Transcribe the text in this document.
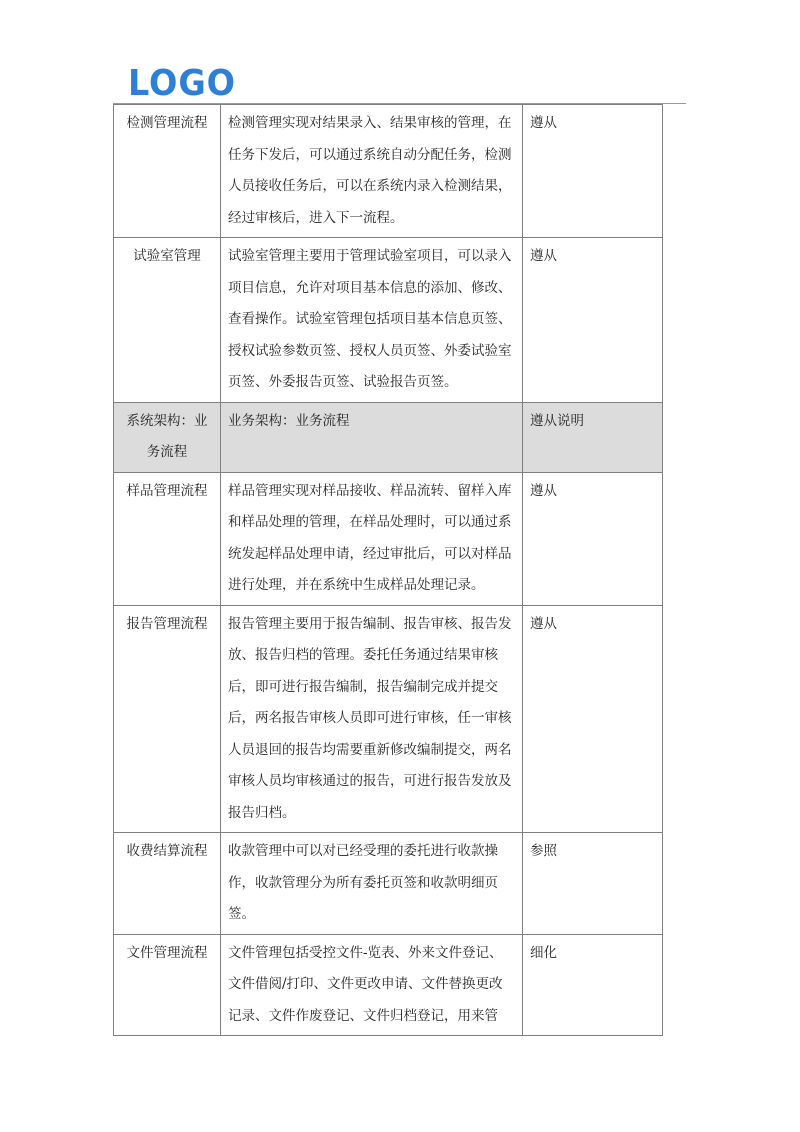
LOGO
检测管理流程	检测管理实现对结果录入、结果审核的管理，在任务下发后，可以通过系统自动分配任务，检测人员接收任务后，可以在系统内录入检测结果，经过审核后，进入下一流程。	遵从
试验室管理	试验室管理主要用于管理试验室项目，可以录入项目信息，允许对项目基本信息的添加、修改、查看操作。试验室管理包括项目基本信息页签、授权试验参数页签、授权人员页签、外委试验室页签、外委报告页签、试验报告页签。	遵从
系统架构：业务流程	业务架构：业务流程	遵从说明
样品管理流程	样品管理实现对样品接收、样品流转、留样入库和样品处理的管理，在样品处理时，可以通过系统发起样品处理申请，经过审批后，可以对样品进行处理，并在系统中生成样品处理记录。	遵从
报告管理流程	报告管理主要用于报告编制、报告审核、报告发放、报告归档的管理。委托任务通过结果审核后，即可进行报告编制，报告编制完成并提交后，两名报告审核人员即可进行审核，任一审核人员退回的报告均需要重新修改编制提交，两名审核人员均审核通过的报告，可进行报告发放及报告归档。	遵从
收费结算流程	收款管理中可以对已经受理的委托进行收款操作，收款管理分为所有委托页签和收款明细页签。	参照
文件管理流程	文件管理包括受控文件-览表、外来文件登记、文件借阅/打印、文件更改申请、文件替换更改记录、文件作废登记、文件归档登记，用来管	细化
